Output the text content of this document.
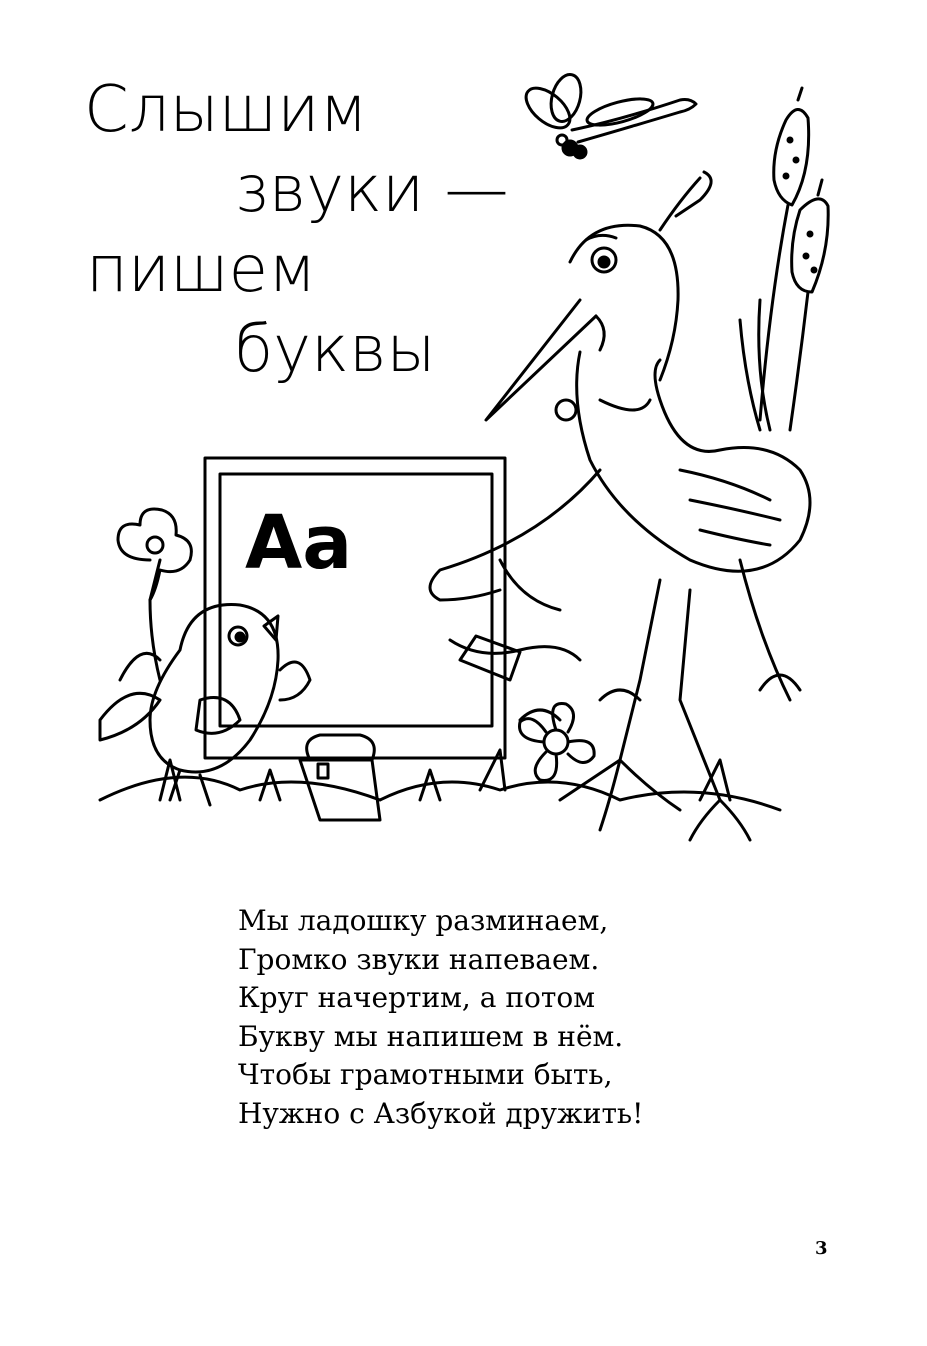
Слышим
звуки —
пишем
буквы
Aa
Мы ладошку разминаем,
Громко звуки напеваем.
Круг начертим, а потом
Букву мы напишем в нём.
Чтобы грамотными быть,
Нужно с Азбукой дружить!
3
